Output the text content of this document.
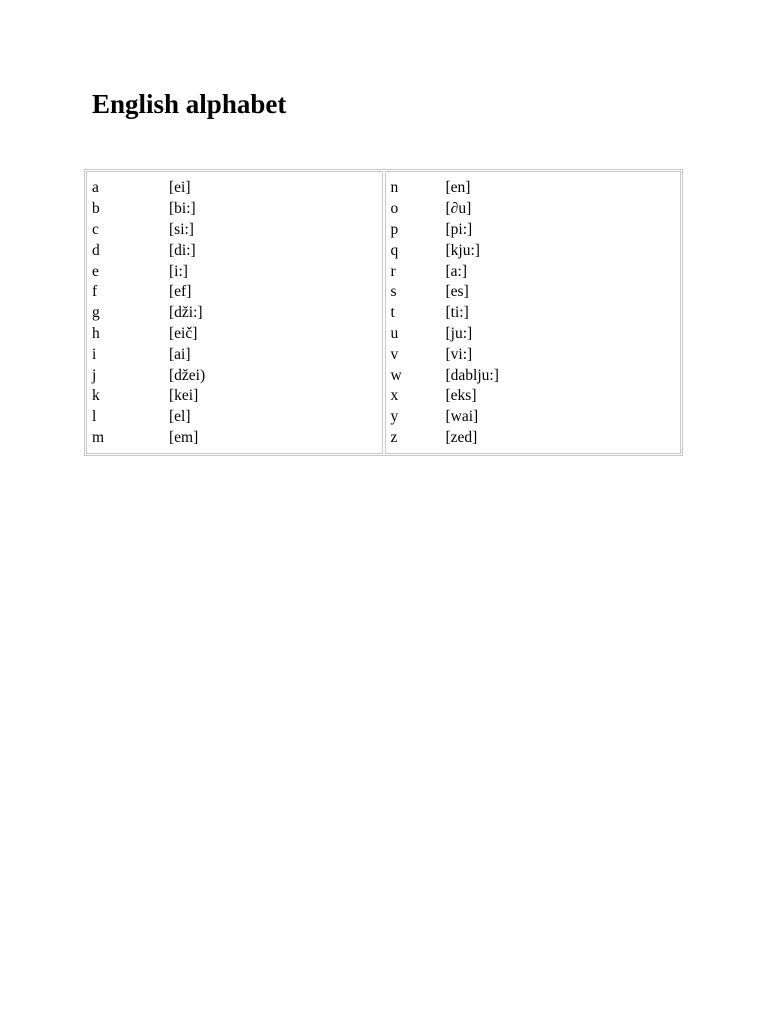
English alphabet
a	[ei]
b	[bi:]
c	[si:]
d	[di:]
e	[i:]
f	[ef]
g	[dži:]
h	[eič]
i	[ai]
j	[džei)
k	[kei]
l	[el]
m	[em]
n	[en]
o	[∂u]
p	[pi:]
q	[kju:]
r	[a:]
s	[es]
t	[ti:]
u	[ju:]
v	[vi:]
w	[dablju:]
x	[eks]
y	[wai]
z	[zed]
